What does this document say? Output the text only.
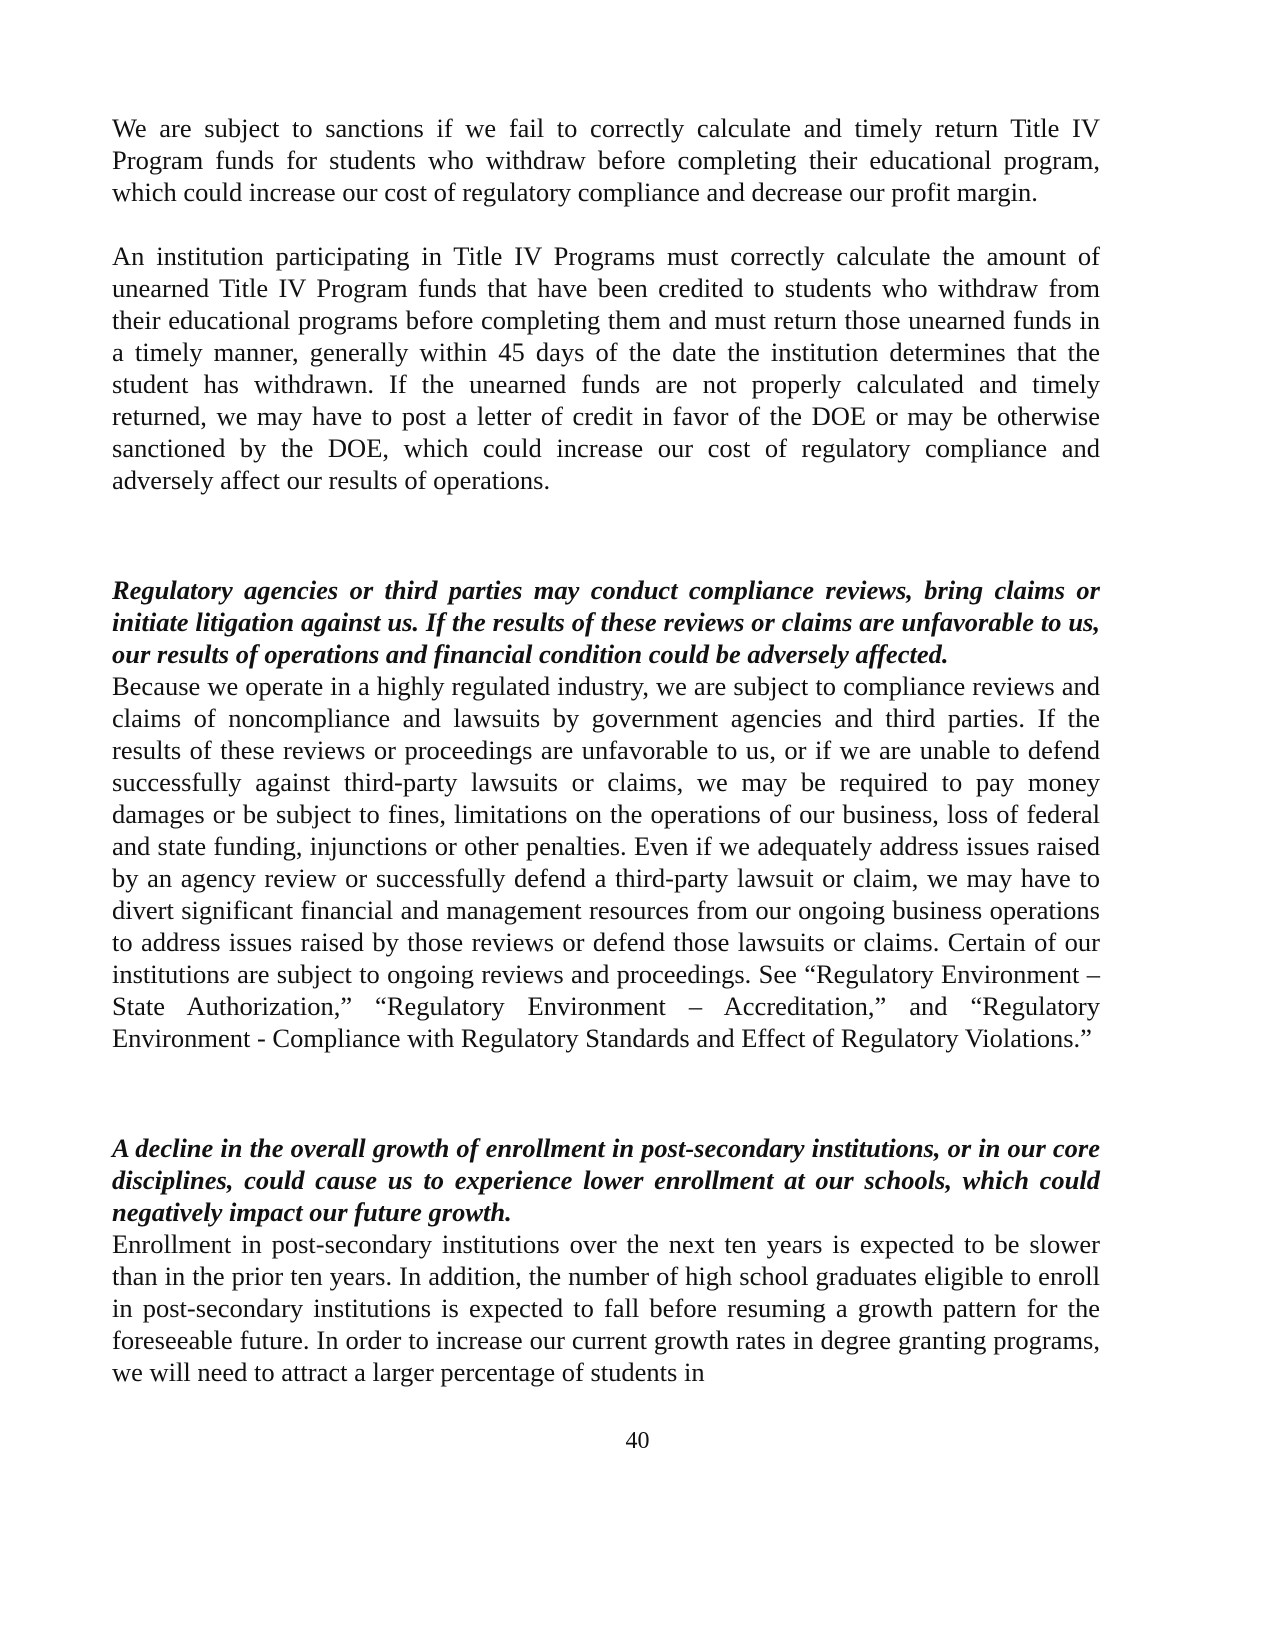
We are subject to sanctions if we fail to correctly calculate and timely return Title IV Program funds for students who withdraw before completing their educational program, which could increase our cost of regulatory compliance and decrease our profit margin.

An institution participating in Title IV Programs must correctly calculate the amount of unearned Title IV Program funds that have been credited to students who withdraw from their educational programs before completing them and must return those unearned funds in a timely manner, generally within 45 days of the date the institution determines that the student has withdrawn. If the unearned funds are not properly calculated and timely returned, we may have to post a letter of credit in favor of the DOE or may be otherwise sanctioned by the DOE, which could increase our cost of regulatory compliance and adversely affect our results of operations.

Regulatory agencies or third parties may conduct compliance reviews, bring claims or initiate litigation against us. If the results of these reviews or claims are unfavorable to us, our results of operations and financial condition could be adversely affected.

Because we operate in a highly regulated industry, we are subject to compliance reviews and claims of noncompliance and lawsuits by government agencies and third parties. If the results of these reviews or proceedings are unfavorable to us, or if we are unable to defend successfully against third-party lawsuits or claims, we may be required to pay money damages or be subject to fines, limitations on the operations of our business, loss of federal and state funding, injunctions or other penalties. Even if we adequately address issues raised by an agency review or successfully defend a third-party lawsuit or claim, we may have to divert significant financial and management resources from our ongoing business operations to address issues raised by those reviews or defend those lawsuits or claims. Certain of our institutions are subject to ongoing reviews and proceedings. See “Regulatory Environment – State Authorization,” “Regulatory Environment – Accreditation,” and “Regulatory Environment - Compliance with Regulatory Standards and Effect of Regulatory Violations.”

A decline in the overall growth of enrollment in post-secondary institutions, or in our core disciplines, could cause us to experience lower enrollment at our schools, which could negatively impact our future growth.

Enrollment in post-secondary institutions over the next ten years is expected to be slower than in the prior ten years. In addition, the number of high school graduates eligible to enroll in post-secondary institutions is expected to fall before resuming a growth pattern for the foreseeable future. In order to increase our current growth rates in degree granting programs, we will need to attract a larger percentage of students in

40
